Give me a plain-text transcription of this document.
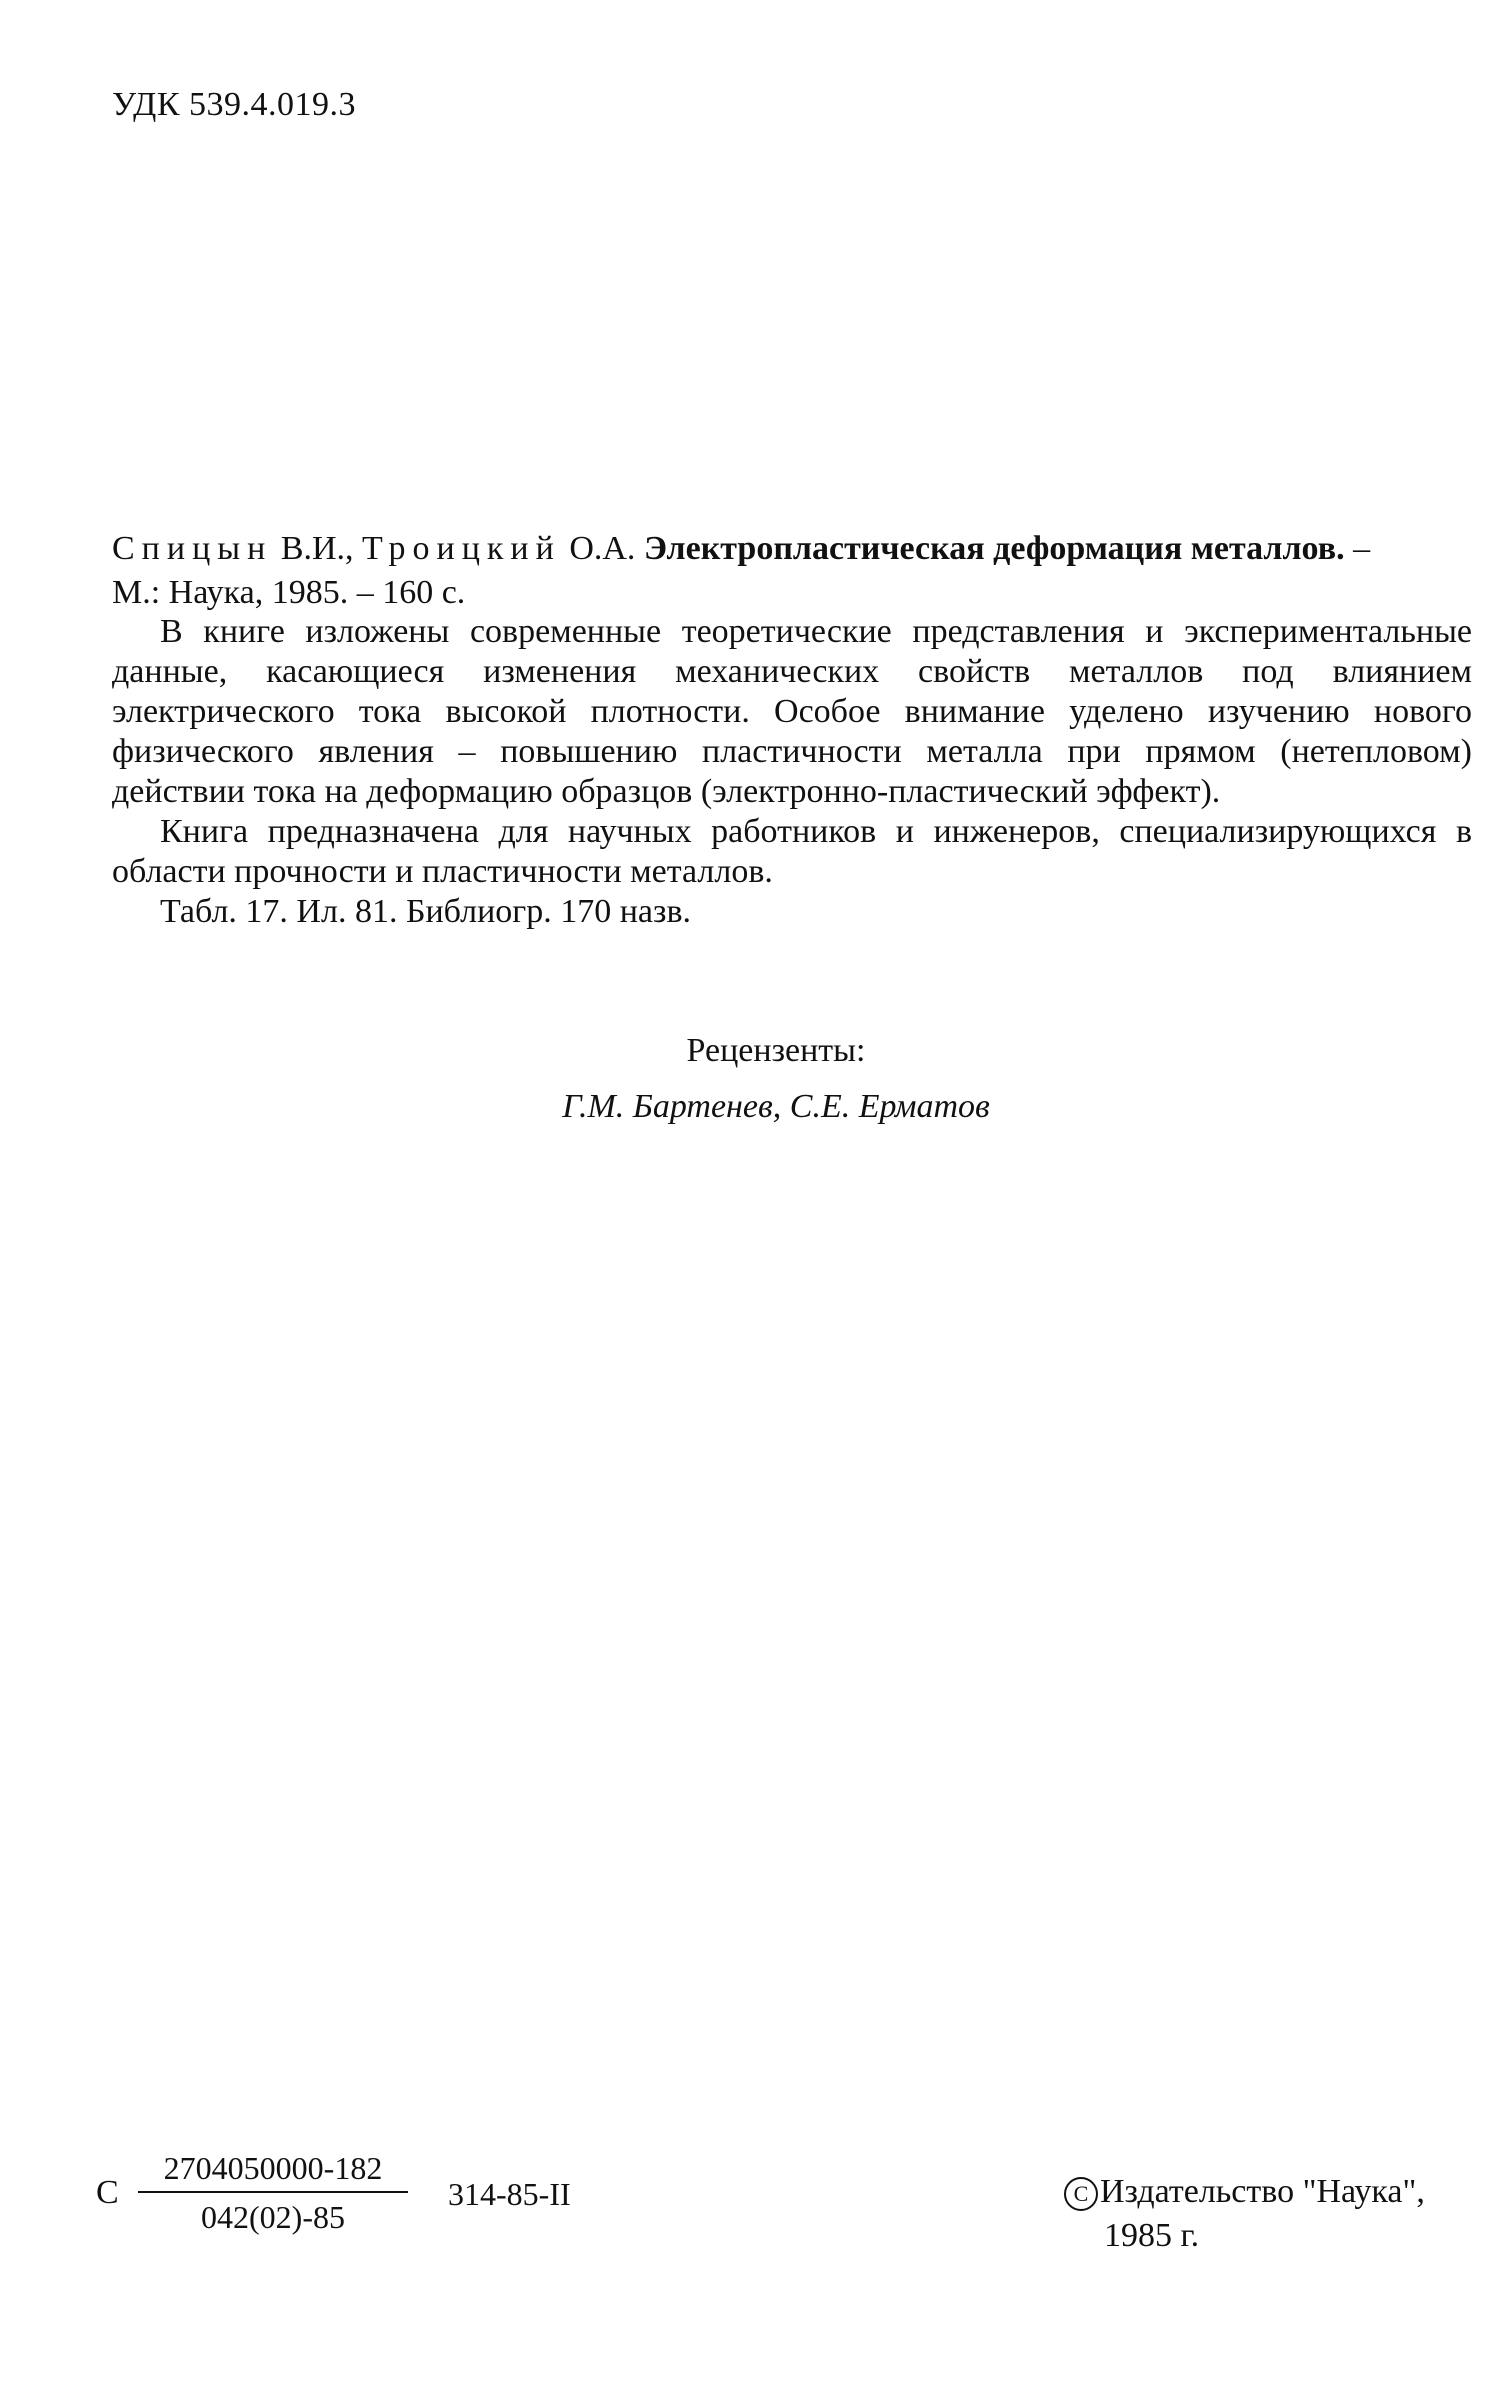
УДК 539.4.019.3
Спицын В.И., Троицкий О.А. Электропластическая деформация металлов. –
М.: Наука, 1985. – 160 с.

В книге изложены современные теоретические представления и экспериментальные данные, касающиеся изменения механических свойств металлов под влиянием электрического тока высокой плотности. Особое внимание уделено изучению нового физического явления – повышению пластичности металла при прямом (нетепловом) действии тока на деформацию образцов (электронно-пластический эффект).

Книга предназначена для научных работников и инженеров, специализирующихся в области прочности и пластичности металлов.

Табл. 17. Ил. 81. Библиогр. 170 назв.

Рецензенты:
Г.М. Бартенев, С.Е. Ерматов
С
2704050000-182
042(02)-85
314-85-II	C Издательство "Наука",
1985 г.
